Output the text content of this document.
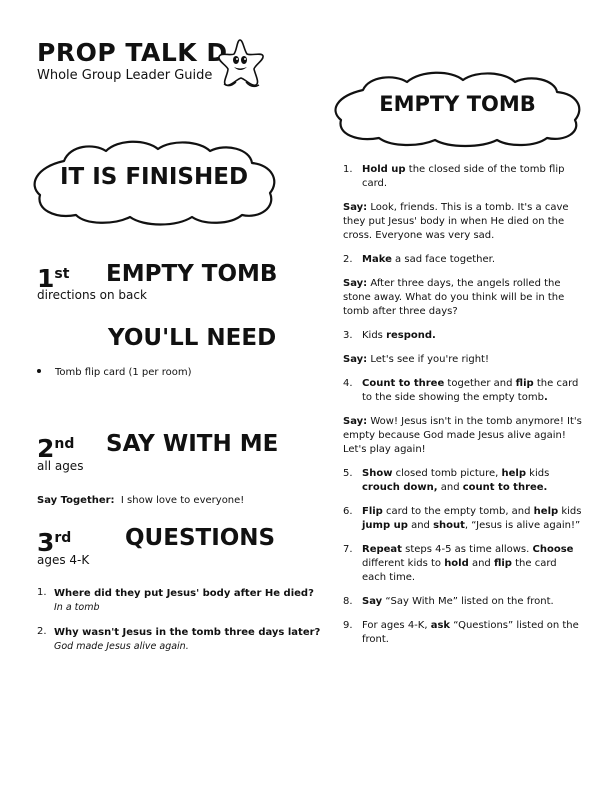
PROP TALK D
Whole Group Leader Guide
IT IS FINISHED
EMPTY TOMB
1st EMPTY TOMB
directions on back
YOU'LL NEED
Tomb flip card (1 per room)
2nd SAY WITH ME
all ages
Say Together: I show love to everyone!
3rd QUESTIONS
ages 4-K
1. Where did they put Jesus' body after He died?
In a tomb
2. Why wasn't Jesus in the tomb three days later?
God made Jesus alive again.
1. Hold up the closed side of the tomb flip card.
Say: Look, friends. This is a tomb. It's a cave they put Jesus' body in when He died on the cross. Everyone was very sad.
2. Make a sad face together.
Say: After three days, the angels rolled the stone away. What do you think will be in the tomb after three days?
3. Kids respond.
Say: Let's see if you're right!
4. Count to three together and flip the card to the side showing the empty tomb.
Say: Wow! Jesus isn't in the tomb anymore! It's empty because God made Jesus alive again! Let's play again!
5. Show closed tomb picture, help kids crouch down, and count to three.
6. Flip card to the empty tomb, and help kids jump up and shout, “Jesus is alive again!”
7. Repeat steps 4-5 as time allows. Choose different kids to hold and flip the card each time.
8. Say “Say With Me” listed on the front.
9. For ages 4-K, ask “Questions” listed on the front.
